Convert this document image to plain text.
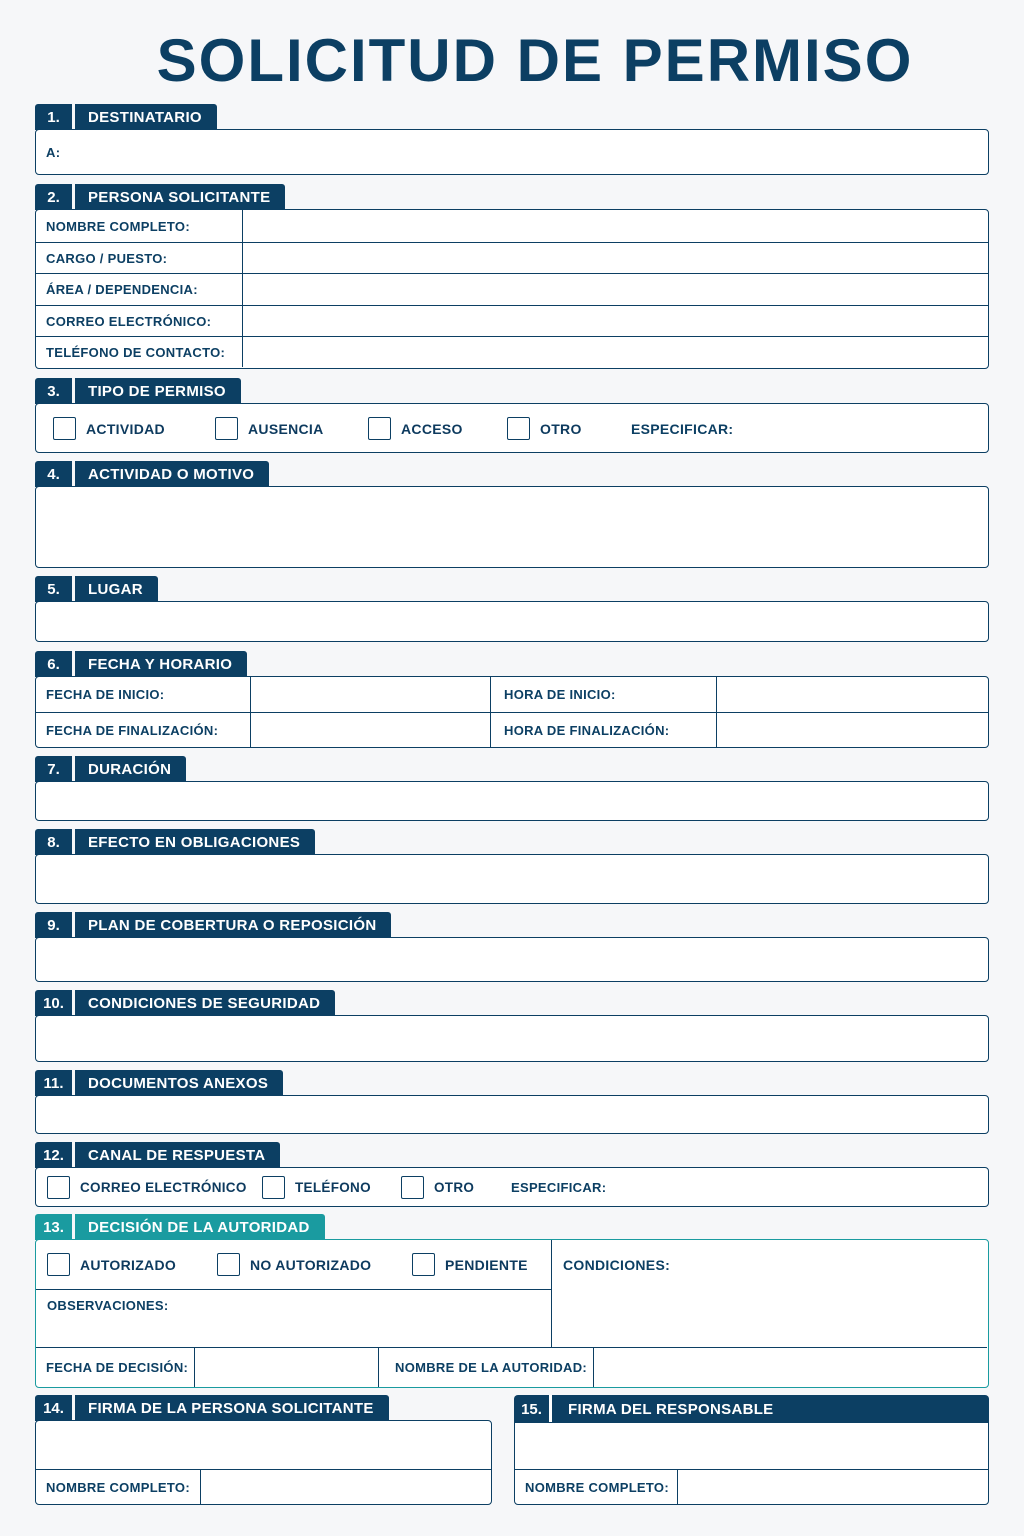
SOLICITUD DE PERMISO
1.	DESTINATARIO
A:
2.	PERSONA SOLICITANTE
NOMBRE COMPLETO:
CARGO / PUESTO:
ÁREA / DEPENDENCIA:
CORREO ELECTRÓNICO:
TELÉFONO DE CONTACTO:
3.	TIPO DE PERMISO
ACTIVIDAD	AUSENCIA	ACCESO	OTRO	ESPECIFICAR:
4.	ACTIVIDAD O MOTIVO
5.	LUGAR
6.	FECHA Y HORARIO
FECHA DE INICIO:	HORA DE INICIO:
FECHA DE FINALIZACIÓN:	HORA DE FINALIZACIÓN:
7.	DURACIÓN
8.	EFECTO EN OBLIGACIONES
9.	PLAN DE COBERTURA O REPOSICIÓN
10.	CONDICIONES DE SEGURIDAD
11.	DOCUMENTOS ANEXOS
12.	CANAL DE RESPUESTA
CORREO ELECTRÓNICO	TELÉFONO	OTRO	ESPECIFICAR:
13.	DECISIÓN DE LA AUTORIDAD
AUTORIZADO	NO AUTORIZADO	PENDIENTE
OBSERVACIONES:
CONDICIONES:
FECHA DE DECISIÓN:	NOMBRE DE LA AUTORIDAD:
14.	FIRMA DE LA PERSONA SOLICITANTE
NOMBRE COMPLETO:
15.	FIRMA DEL RESPONSABLE
NOMBRE COMPLETO:
